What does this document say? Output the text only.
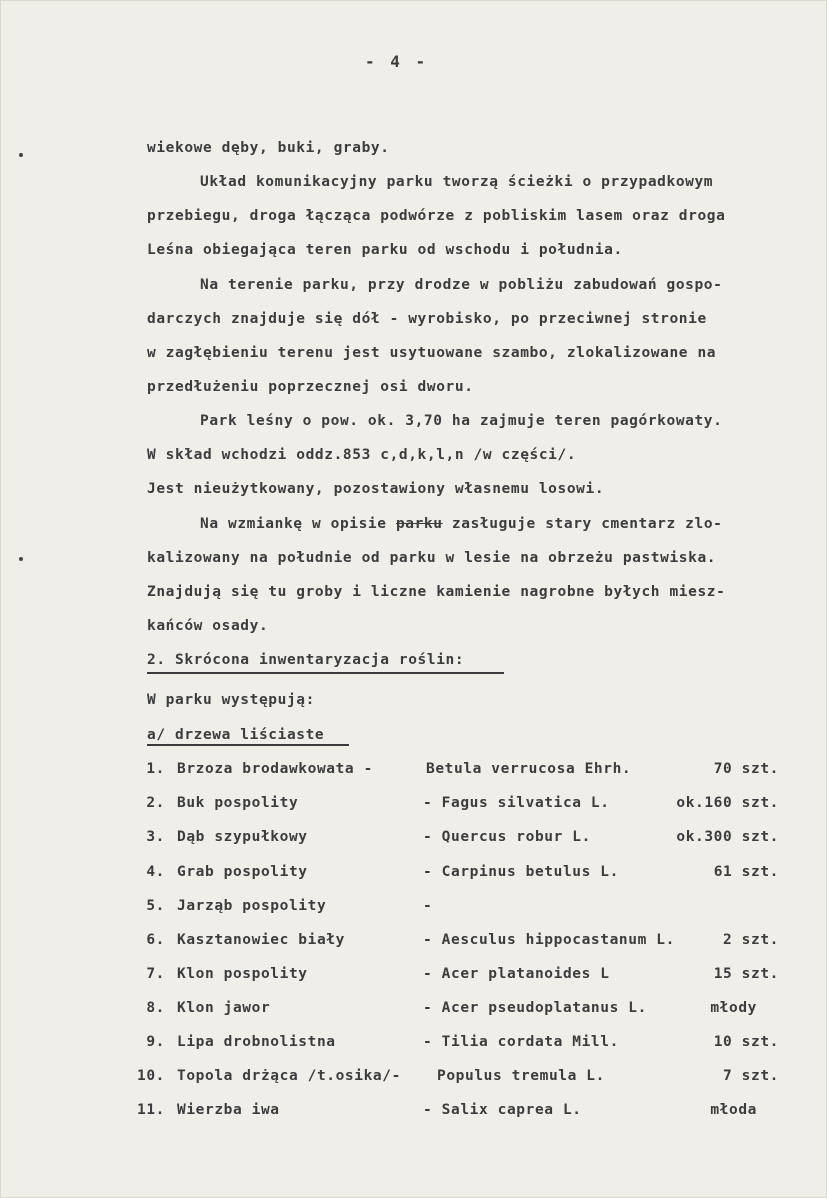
- 4 -
wiekowe dęby, buki, graby.
Układ komunikacyjny parku tworzą ścieżki o przypadkowym
przebiegu, droga łącząca podwórze z pobliskim lasem oraz droga
Leśna obiegająca teren parku od wschodu i południa.
Na terenie parku, przy drodze w pobliżu zabudowań gospo-
darczych znajduje się dół - wyrobisko, po przeciwnej stronie
w zagłębieniu terenu jest usytuowane szambo, zlokalizowane na
przedłużeniu poprzecznej osi dworu.
Park leśny o pow. ok. 3,70 ha zajmuje teren pagórkowaty.
W skład wchodzi oddz.853 c,d,k,l,n /w części/.
Jest nieużytkowany, pozostawiony własnemu losowi.
Na wzmiankę w opisie parku zasługuje stary cmentarz zlo-
kalizowany na południe od parku w lesie na obrzeżu pastwiska.
Znajdują się tu groby i liczne kamienie nagrobne byłych miesz-
kańców osady.
2. Skrócona inwentaryzacja roślin:
W parku występują:
a/ drzewa liściaste
1. Brzoza brodawkowata -	Betula verrucosa Ehrh.	70 szt.
2. Buk pospolity	- Fagus silvatica L.	ok.160 szt.
3. Dąb szypułkowy	- Quercus robur L.	ok.300 szt.
4. Grab pospolity	- Carpinus betulus L.	61 szt.
5. Jarząb pospolity	-
6. Kasztanowiec biały	- Aesculus hippocastanum L.	2 szt.
7. Klon pospolity	- Acer platanoides L	15 szt.
8. Klon jawor	- Acer pseudoplatanus L.	młody
9. Lipa drobnolistna	- Tilia cordata Mill.	10 szt.
10. Topola drżąca /t.osika/- Populus tremula L.	7 szt.
11. Wierzba iwa	- Salix caprea L.	młoda
